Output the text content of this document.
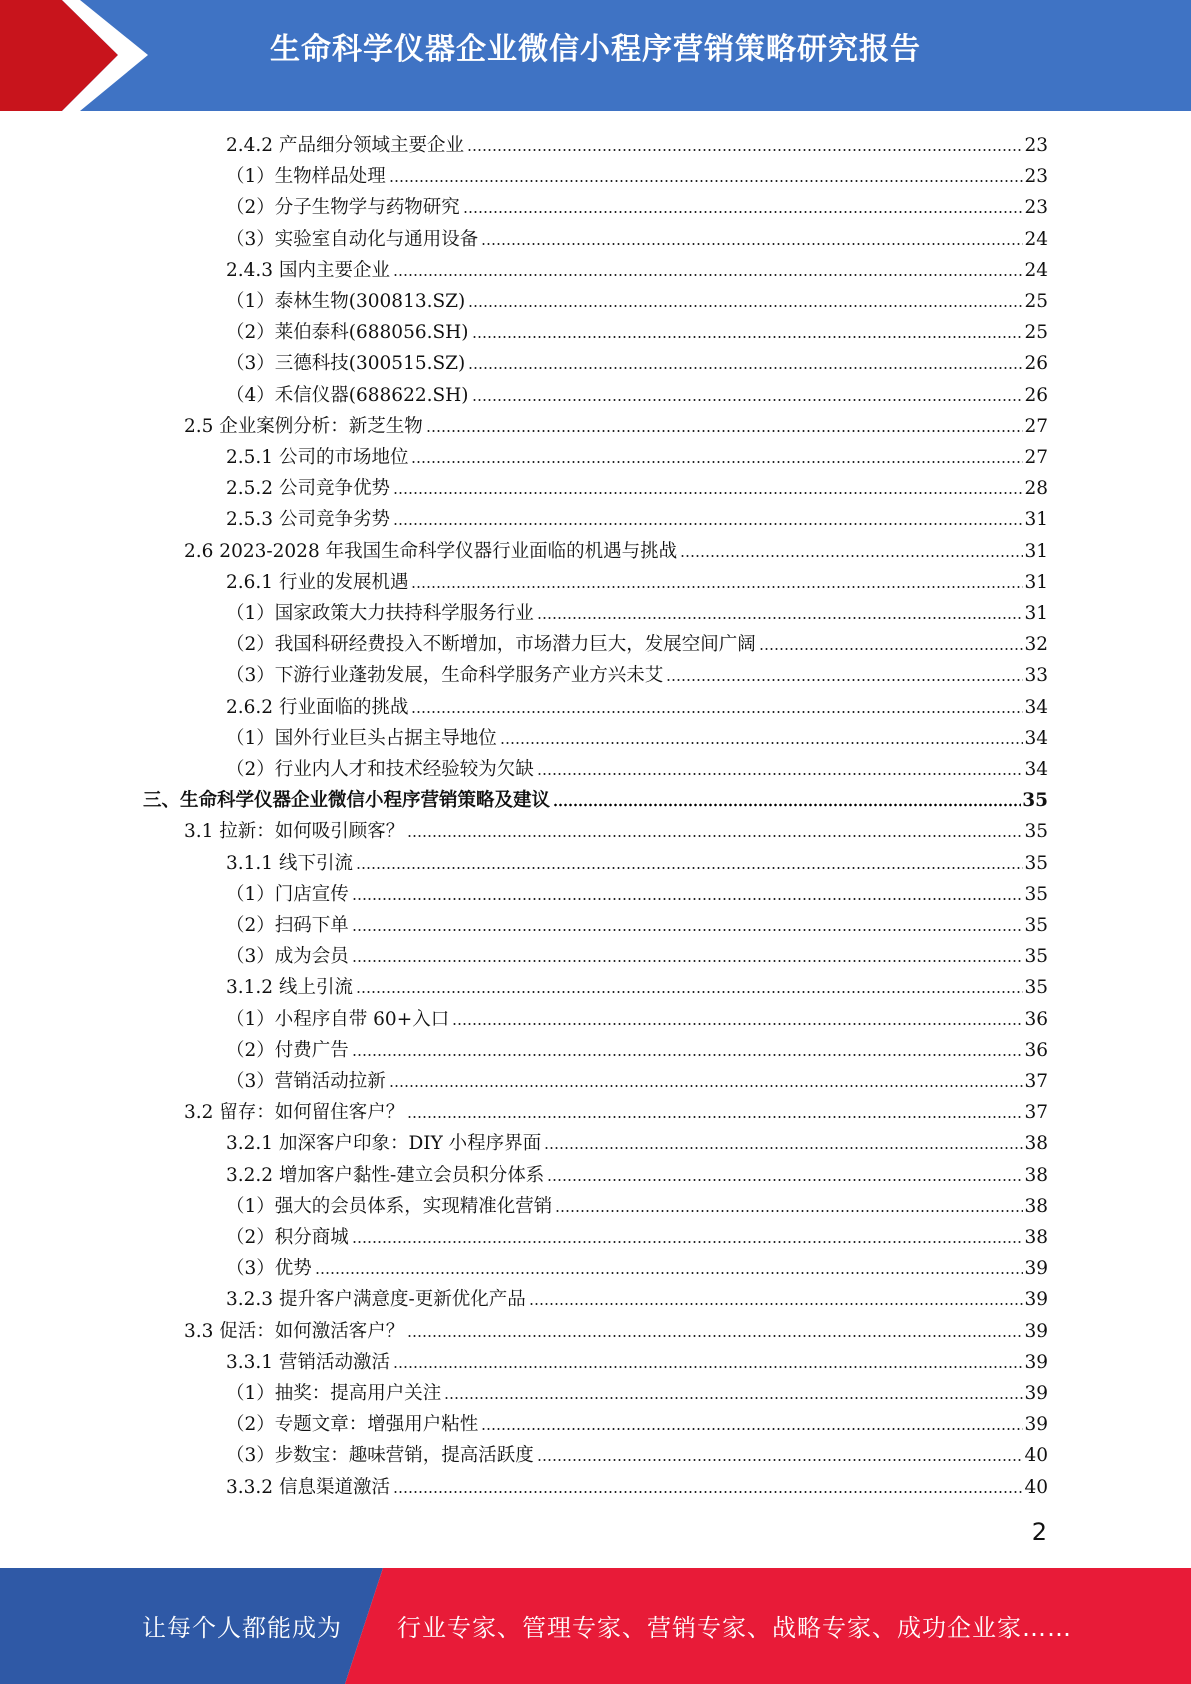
生命科学仪器企业微信小程序营销策略研究报告
2.4.2 产品细分领域主要企业	23
（1）生物样品处理	23
（2）分子生物学与药物研究	23
（3）实验室自动化与通用设备	24
2.4.3 国内主要企业	24
（1）泰林生物(300813.SZ)	25
（2）莱伯泰科(688056.SH)	25
（3）三德科技(300515.SZ)	26
（4）禾信仪器(688622.SH)	26
2.5 企业案例分析：新芝生物	27
2.5.1 公司的市场地位	27
2.5.2 公司竞争优势	28
2.5.3 公司竞争劣势	31
2.6 2023-2028 年我国生命科学仪器行业面临的机遇与挑战	31
2.6.1 行业的发展机遇	31
（1）国家政策大力扶持科学服务行业	31
（2）我国科研经费投入不断增加，市场潜力巨大，发展空间广阔	32
（3）下游行业蓬勃发展，生命科学服务产业方兴未艾	33
2.6.2 行业面临的挑战	34
（1）国外行业巨头占据主导地位	34
（2）行业内人才和技术经验较为欠缺	34
三、生命科学仪器企业微信小程序营销策略及建议	35
3.1 拉新：如何吸引顾客？	35
3.1.1 线下引流	35
（1）门店宣传	35
（2）扫码下单	35
（3）成为会员	35
3.1.2 线上引流	35
（1）小程序自带 60+入口	36
（2）付费广告	36
（3）营销活动拉新	37
3.2 留存：如何留住客户？	37
3.2.1 加深客户印象：DIY 小程序界面	38
3.2.2 增加客户黏性-建立会员积分体系	38
（1）强大的会员体系，实现精准化营销	38
（2）积分商城	38
（3）优势	39
3.2.3 提升客户满意度-更新优化产品	39
3.3 促活：如何激活客户？	39
3.3.1 营销活动激活	39
（1）抽奖：提高用户关注	39
（2）专题文章：增强用户粘性	39
（3）步数宝：趣味营销，提高活跃度	40
3.3.2 信息渠道激活	40
2
让每个人都能成为 行业专家、管理专家、营销专家、战略专家、成功企业家……
